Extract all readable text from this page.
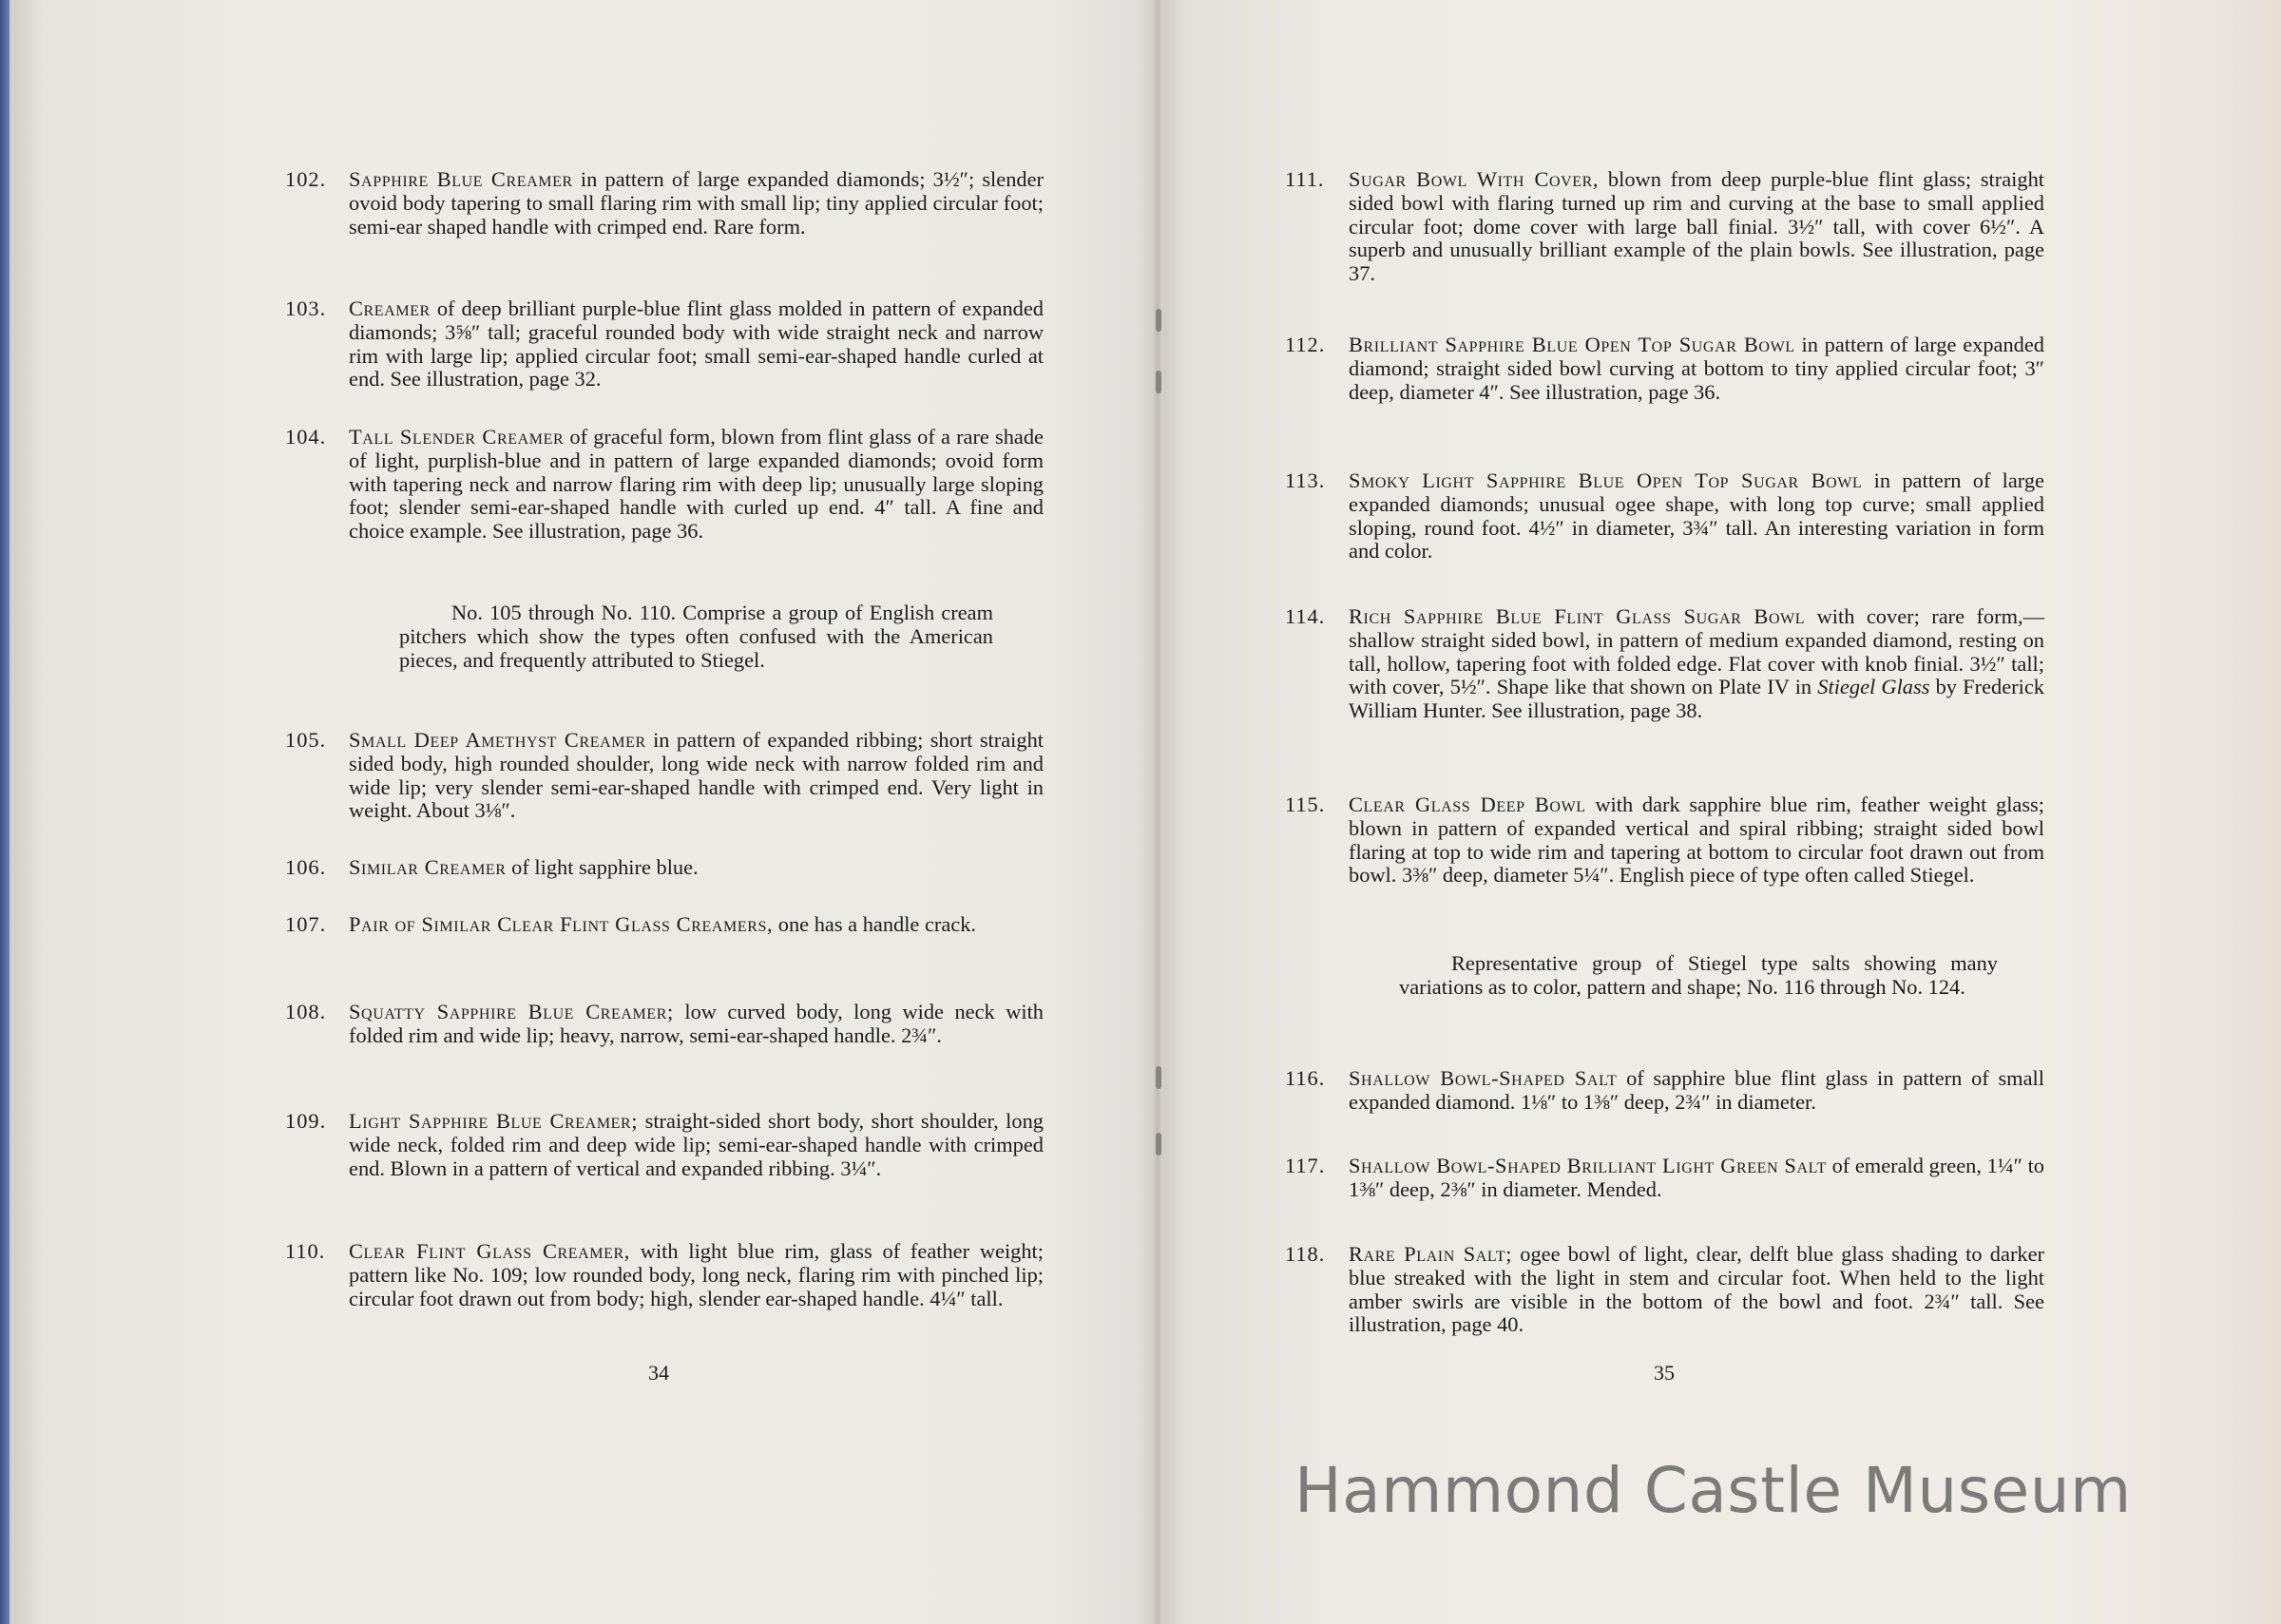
102. Sapphire Blue Creamer in pattern of large expanded diamonds; 3½″; slender ovoid body tapering to small flaring rim with small lip; tiny applied circular foot; semi-ear shaped handle with crimped end. Rare form.
103. Creamer of deep brilliant purple-blue flint glass molded in pattern of expanded diamonds; 3⅝″ tall; graceful rounded body with wide straight neck and narrow rim with large lip; applied circular foot; small semi-ear-shaped handle curled at end. See illustration, page 32.
104. Tall Slender Creamer of graceful form, blown from flint glass of a rare shade of light, purplish-blue and in pattern of large expanded diamonds; ovoid form with tapering neck and narrow flaring rim with deep lip; unusually large sloping foot; slender semi-ear-shaped handle with curled up end. 4″ tall. A fine and choice example. See illustration, page 36.
No. 105 through No. 110. Comprise a group of English cream pitchers which show the types often confused with the American pieces, and frequently attributed to Stiegel.
105. Small Deep Amethyst Creamer in pattern of expanded ribbing; short straight sided body, high rounded shoulder, long wide neck with narrow folded rim and wide lip; very slender semi-ear-shaped handle with crimped end. Very light in weight. About 3⅛″.
106. Similar Creamer of light sapphire blue.
107. Pair of Similar Clear Flint Glass Creamers, one has a handle crack.
108. Squatty Sapphire Blue Creamer; low curved body, long wide neck with folded rim and wide lip; heavy, narrow, semi-ear-shaped handle. 2¾″.
109. Light Sapphire Blue Creamer; straight-sided short body, short shoulder, long wide neck, folded rim and deep wide lip; semi-ear-shaped handle with crimped end. Blown in a pattern of vertical and expanded ribbing. 3¼″.
110. Clear Flint Glass Creamer, with light blue rim, glass of feather weight; pattern like No. 109; low rounded body, long neck, flaring rim with pinched lip; circular foot drawn out from body; high, slender ear-shaped handle. 4¼″ tall.
34
111. Sugar Bowl With Cover, blown from deep purple-blue flint glass; straight sided bowl with flaring turned up rim and curving at the base to small applied circular foot; dome cover with large ball finial. 3½″ tall, with cover 6½″. A superb and unusually brilliant example of the plain bowls. See illustration, page 37.
112. Brilliant Sapphire Blue Open Top Sugar Bowl in pattern of large expanded diamond; straight sided bowl curving at bottom to tiny applied circular foot; 3″ deep, diameter 4″. See illustration, page 36.
113. Smoky Light Sapphire Blue Open Top Sugar Bowl in pattern of large expanded diamonds; unusual ogee shape, with long top curve; small applied sloping, round foot. 4½″ in diameter, 3¾″ tall. An interesting variation in form and color.
114. Rich Sapphire Blue Flint Glass Sugar Bowl with cover; rare form,—shallow straight sided bowl, in pattern of medium expanded diamond, resting on tall, hollow, tapering foot with folded edge. Flat cover with knob finial. 3½″ tall; with cover, 5½″. Shape like that shown on Plate IV in Stiegel Glass by Frederick William Hunter. See illustration, page 38.
115. Clear Glass Deep Bowl with dark sapphire blue rim, feather weight glass; blown in pattern of expanded vertical and spiral ribbing; straight sided bowl flaring at top to wide rim and tapering at bottom to circular foot drawn out from bowl. 3⅜″ deep, diameter 5¼″. English piece of type often called Stiegel.
Representative group of Stiegel type salts showing many variations as to color, pattern and shape; No. 116 through No. 124.
116. Shallow Bowl-Shaped Salt of sapphire blue flint glass in pattern of small expanded diamond. 1⅛″ to 1⅜″ deep, 2¾″ in diameter.
117. Shallow Bowl-Shaped Brilliant Light Green Salt of emerald green, 1¼″ to 1⅜″ deep, 2⅜″ in diameter. Mended.
118. Rare Plain Salt; ogee bowl of light, clear, delft blue glass shading to darker blue streaked with the light in stem and circular foot. When held to the light amber swirls are visible in the bottom of the bowl and foot. 2¾″ tall. See illustration, page 40.
35
Hammond Castle Museum
